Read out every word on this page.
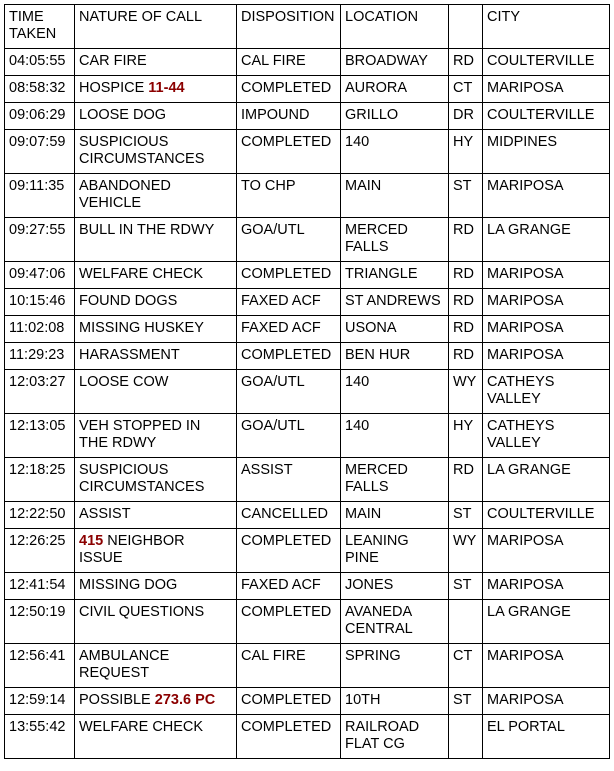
TIME TAKEN	NATURE OF CALL	DISPOSITION	LOCATION		CITY
04:05:55	CAR FIRE	CAL FIRE	BROADWAY	RD	COULTERVILLE
08:58:32	HOSPICE 11-44	COMPLETED	AURORA	CT	MARIPOSA
09:06:29	LOOSE DOG	IMPOUND	GRILLO	DR	COULTERVILLE
09:07:59	SUSPICIOUS CIRCUMSTANCES	COMPLETED	140	HY	MIDPINES
09:11:35	ABANDONED VEHICLE	TO CHP	MAIN	ST	MARIPOSA
09:27:55	BULL IN THE RDWY	GOA/UTL	MERCED FALLS	RD	LA GRANGE
09:47:06	WELFARE CHECK	COMPLETED	TRIANGLE	RD	MARIPOSA
10:15:46	FOUND DOGS	FAXED ACF	ST ANDREWS	RD	MARIPOSA
11:02:08	MISSING HUSKEY	FAXED ACF	USONA	RD	MARIPOSA
11:29:23	HARASSMENT	COMPLETED	BEN HUR	RD	MARIPOSA
12:03:27	LOOSE COW	GOA/UTL	140	WY	CATHEYS VALLEY
12:13:05	VEH STOPPED IN THE RDWY	GOA/UTL	140	HY	CATHEYS VALLEY
12:18:25	SUSPICIOUS CIRCUMSTANCES	ASSIST	MERCED FALLS	RD	LA GRANGE
12:22:50	ASSIST	CANCELLED	MAIN	ST	COULTERVILLE
12:26:25	415 NEIGHBOR ISSUE	COMPLETED	LEANING PINE	WY	MARIPOSA
12:41:54	MISSING DOG	FAXED ACF	JONES	ST	MARIPOSA
12:50:19	CIVIL QUESTIONS	COMPLETED	AVANEDA CENTRAL		LA GRANGE
12:56:41	AMBULANCE REQUEST	CAL FIRE	SPRING	CT	MARIPOSA
12:59:14	POSSIBLE 273.6 PC	COMPLETED	10TH	ST	MARIPOSA
13:55:42	WELFARE CHECK	COMPLETED	RAILROAD FLAT CG		EL PORTAL
